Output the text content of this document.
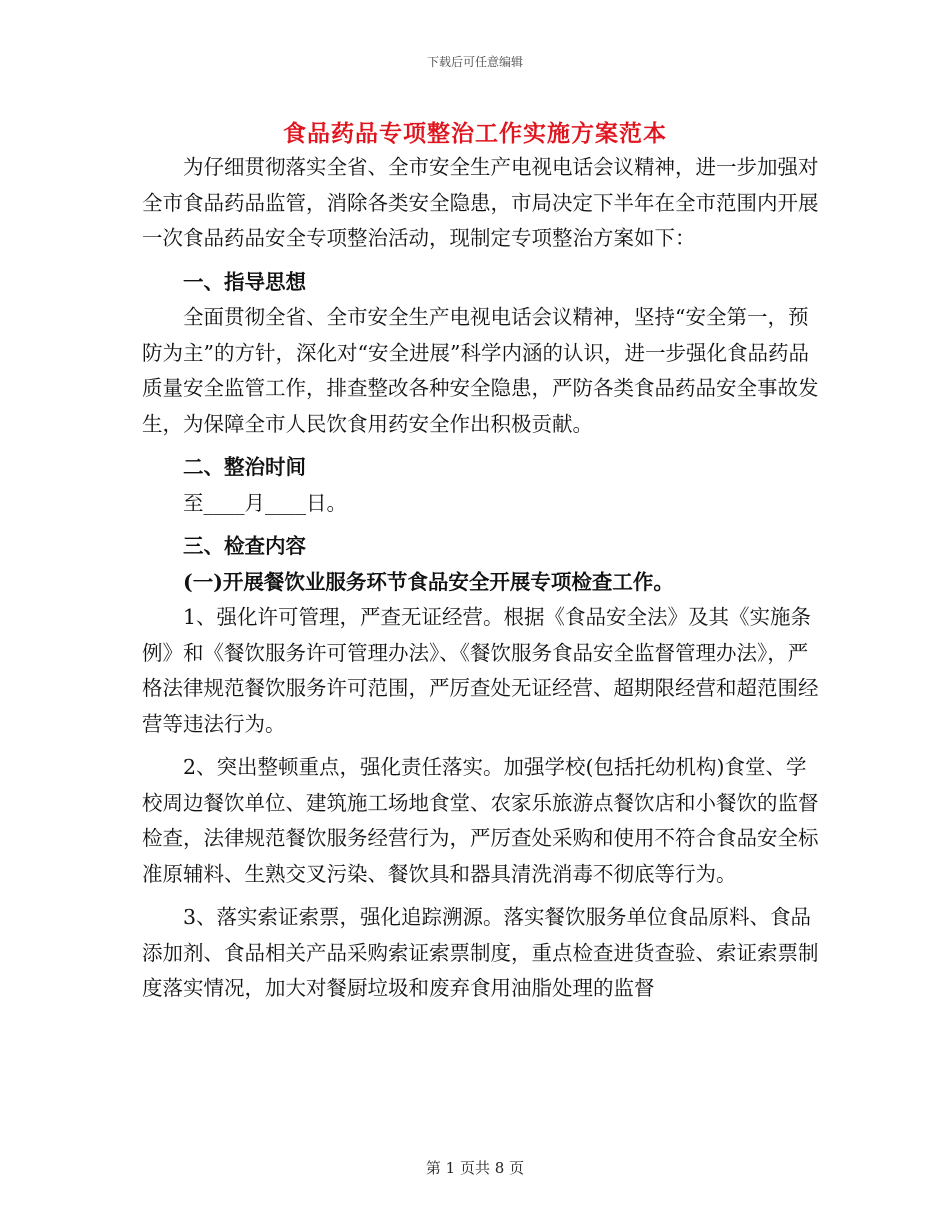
下载后可任意编辑
食品药品专项整治工作实施方案范本

为仔细贯彻落实全省、全市安全生产电视电话会议精神，进一步加强对全市食品药品监管，消除各类安全隐患，市局决定下半年在全市范围内开展一次食品药品安全专项整治活动，现制定专项整治方案如下：

一、指导思想

全面贯彻全省、全市安全生产电视电话会议精神，坚持“安全第一，预防为主”的方针，深化对“安全进展”科学内涵的认识，进一步强化食品药品质量安全监管工作，排查整改各种安全隐患，严防各类食品药品安全事故发生，为保障全市人民饮食用药安全作出积极贡献。

二、整治时间

至____月____日。

三、检查内容

(一)开展餐饮业服务环节食品安全开展专项检查工作。

1、强化许可管理，严查无证经营。根据《食品安全法》及其《实施条例》和《餐饮服务许可管理办法》、《餐饮服务食品安全监督管理办法》，严格法律规范餐饮服务许可范围，严厉查处无证经营、超期限经营和超范围经营等违法行为。

2、突出整顿重点，强化责任落实。加强学校(包括托幼机构)食堂、学校周边餐饮单位、建筑施工场地食堂、农家乐旅游点餐饮店和小餐饮的监督检查，法律规范餐饮服务经营行为，严厉查处采购和使用不符合食品安全标准原辅料、生熟交叉污染、餐饮具和器具清洗消毒不彻底等行为。

3、落实索证索票，强化追踪溯源。落实餐饮服务单位食品原料、食品添加剂、食品相关产品采购索证索票制度，重点检查进货查验、索证索票制度落实情况，加大对餐厨垃圾和废弃食用油脂处理的监督

第 1 页共 8 页
